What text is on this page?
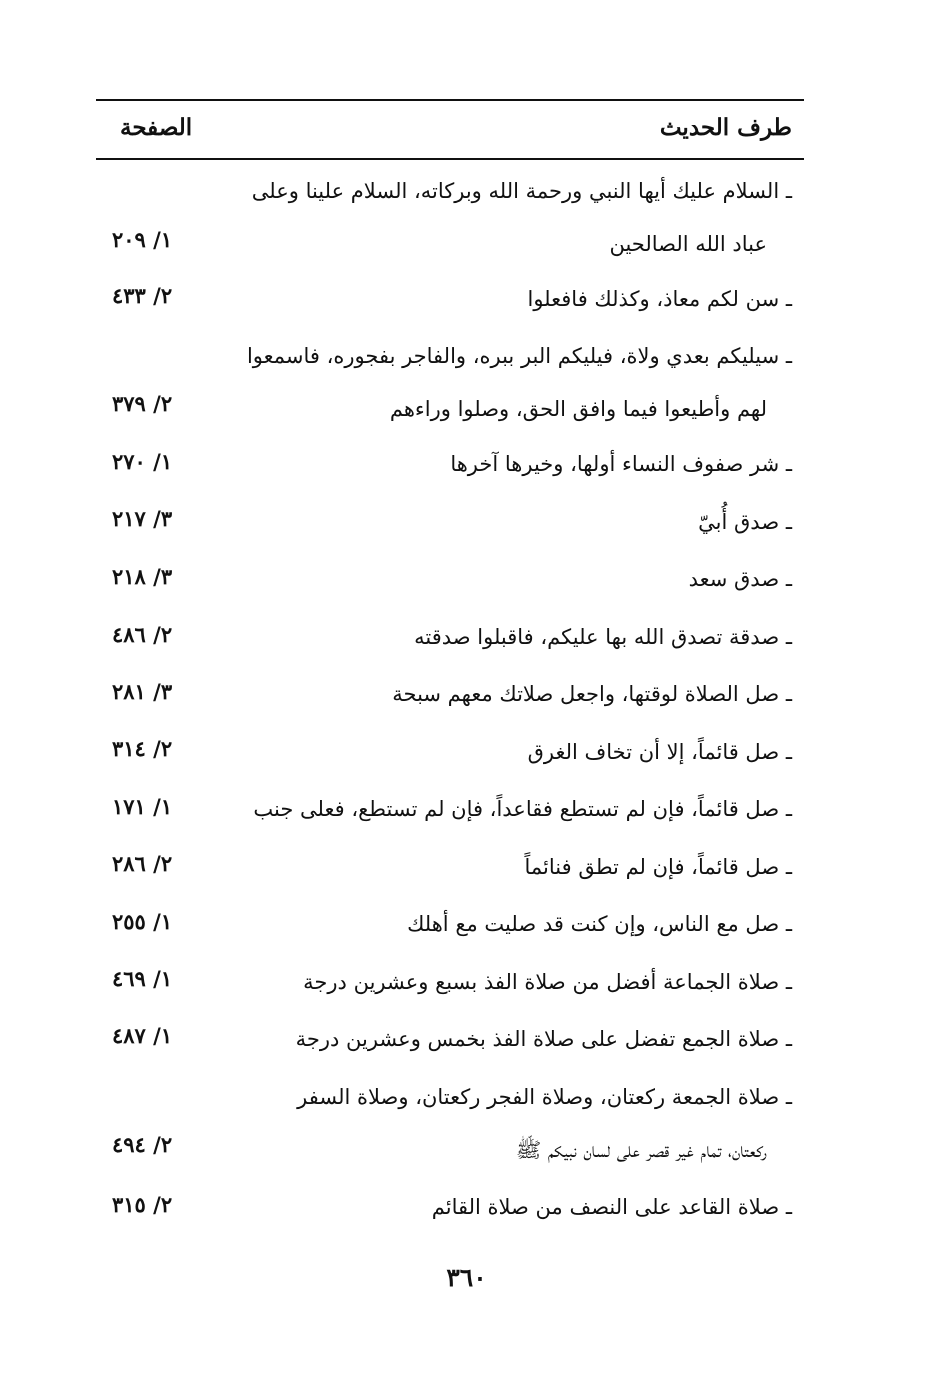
طرف الحديث
الصفحة
ـ السلام عليك أيها النبي ورحمة الله وبركاته، السلام علينا وعلى
عباد الله الصالحين
١/ ٢٠٩
ـ سن لكم معاذ، وكذلك فافعلوا
٢/ ٤٣٣
ـ سيليكم بعدي ولاة، فيليكم البر ببره، والفاجر بفجوره، فاسمعوا
لهم وأطيعوا فيما وافق الحق، وصلوا وراءهم
٢/ ٣٧٩
ـ شر صفوف النساء أولها، وخيرها آخرها
١/ ٢٧٠
ـ صدق أُبيّ
٣/ ٢١٧
ـ صدق سعد
٣/ ٢١٨
ـ صدقة تصدق الله بها عليكم، فاقبلوا صدقته
٢/ ٤٨٦
ـ صل الصلاة لوقتها، واجعل صلاتك معهم سبحة
٣/ ٢٨١
ـ صل قائماً، إلا أن تخاف الغرق
٢/ ٣١٤
ـ صل قائماً، فإن لم تستطع فقاعداً، فإن لم تستطع، فعلى جنب
١/ ١٧١
ـ صل قائماً، فإن لم تطق فنائماً
٢/ ٢٨٦
ـ صل مع الناس، وإن كنت قد صليت مع أهلك
١/ ٢٥٥
ـ صلاة الجماعة أفضل من صلاة الفذ بسبع وعشرين درجة
١/ ٤٦٩
ـ صلاة الجمع تفضل على صلاة الفذ بخمس وعشرين درجة
١/ ٤٨٧
ـ صلاة الجمعة ركعتان، وصلاة الفجر ركعتان، وصلاة السفر
ركعتان، تمام غير قصر على لسان نبيكم ﷺ
٢/ ٤٩٤
ـ صلاة القاعد على النصف من صلاة القائم
٢/ ٣١٥
٣٦٠
